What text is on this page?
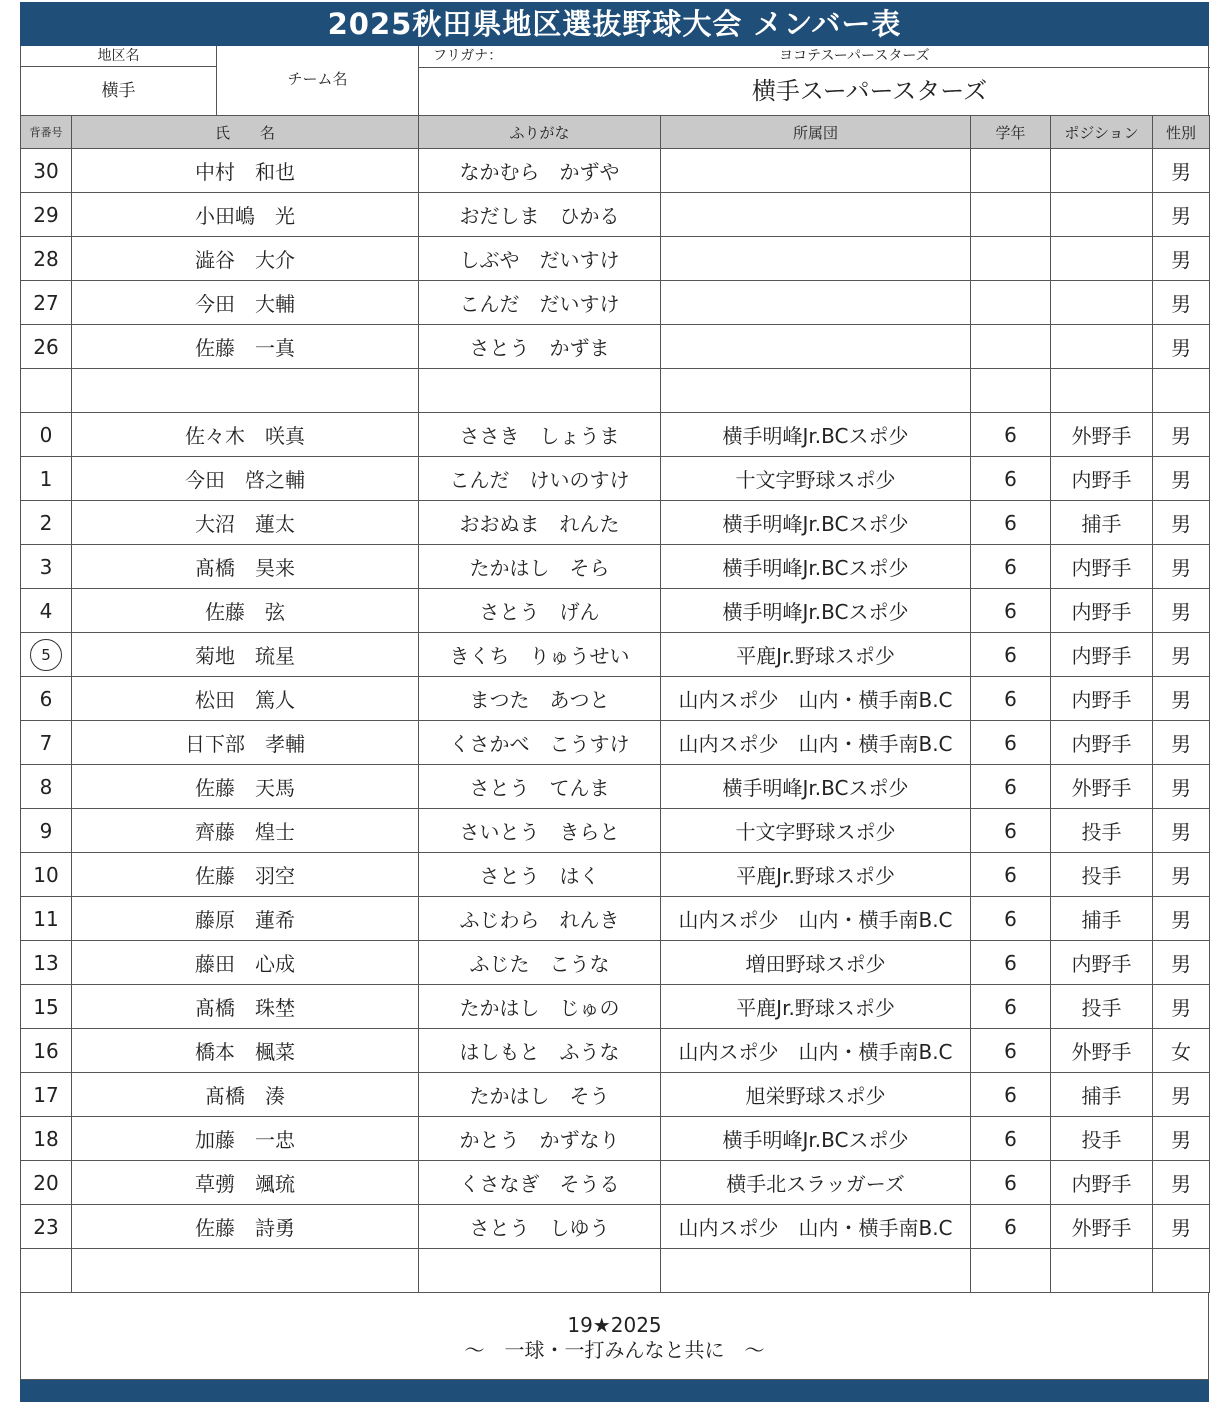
2025秋田県地区選抜野球大会 メンバー表
地区名
横手
チーム名
フリガナ：	ヨコテスーパースターズ
横手スーパースターズ
背番号	氏　　名	ふりがな	所属団	学年	ポジション	性別
30	中村　和也	なかむら　かずや				男
29	小田嶋　光	おだしま　ひかる				男
28	澁谷　大介	しぶや　だいすけ				男
27	今田　大輔	こんだ　だいすけ				男
26	佐藤　一真	さとう　かずま				男

0	佐々木　咲真	ささき　しょうま	横手明峰Jr.BCスポ少	6	外野手	男
1	今田　啓之輔	こんだ　けいのすけ	十文字野球スポ少	6	内野手	男
2	大沼　蓮太	おおぬま　れんた	横手明峰Jr.BCスポ少	6	捕手	男
3	髙橋　昊来	たかはし　そら	横手明峰Jr.BCスポ少	6	内野手	男
4	佐藤　弦	さとう　げん	横手明峰Jr.BCスポ少	6	内野手	男
5	菊地　琉星	きくち　りゅうせい	平鹿Jr.野球スポ少	6	内野手	男
6	松田　篤人	まつた　あつと	山内スポ少　山内・横手南B.C	6	内野手	男
7	日下部　孝輔	くさかべ　こうすけ	山内スポ少　山内・横手南B.C	6	内野手	男
8	佐藤　天馬	さとう　てんま	横手明峰Jr.BCスポ少	6	外野手	男
9	齊藤　煌士	さいとう　きらと	十文字野球スポ少	6	投手	男
10	佐藤　羽空	さとう　はく	平鹿Jr.野球スポ少	6	投手	男
11	藤原　蓮希	ふじわら　れんき	山内スポ少　山内・横手南B.C	6	捕手	男
13	藤田　心成	ふじた　こうな	増田野球スポ少	6	内野手	男
15	髙橋　珠埜	たかはし　じゅの	平鹿Jr.野球スポ少	6	投手	男
16	橋本　楓菜	はしもと　ふうな	山内スポ少　山内・横手南B.C	6	外野手	女
17	髙橋　湊	たかはし　そう	旭栄野球スポ少	6	捕手	男
18	加藤　一忠	かとう　かずなり	横手明峰Jr.BCスポ少	6	投手	男
20	草彅　颯琉	くさなぎ　そうる	横手北スラッガーズ	6	内野手	男
23	佐藤　詩勇	さとう　しゆう	山内スポ少　山内・横手南B.C	6	外野手	男

19★2025
～　一球・一打みんなと共に　～
